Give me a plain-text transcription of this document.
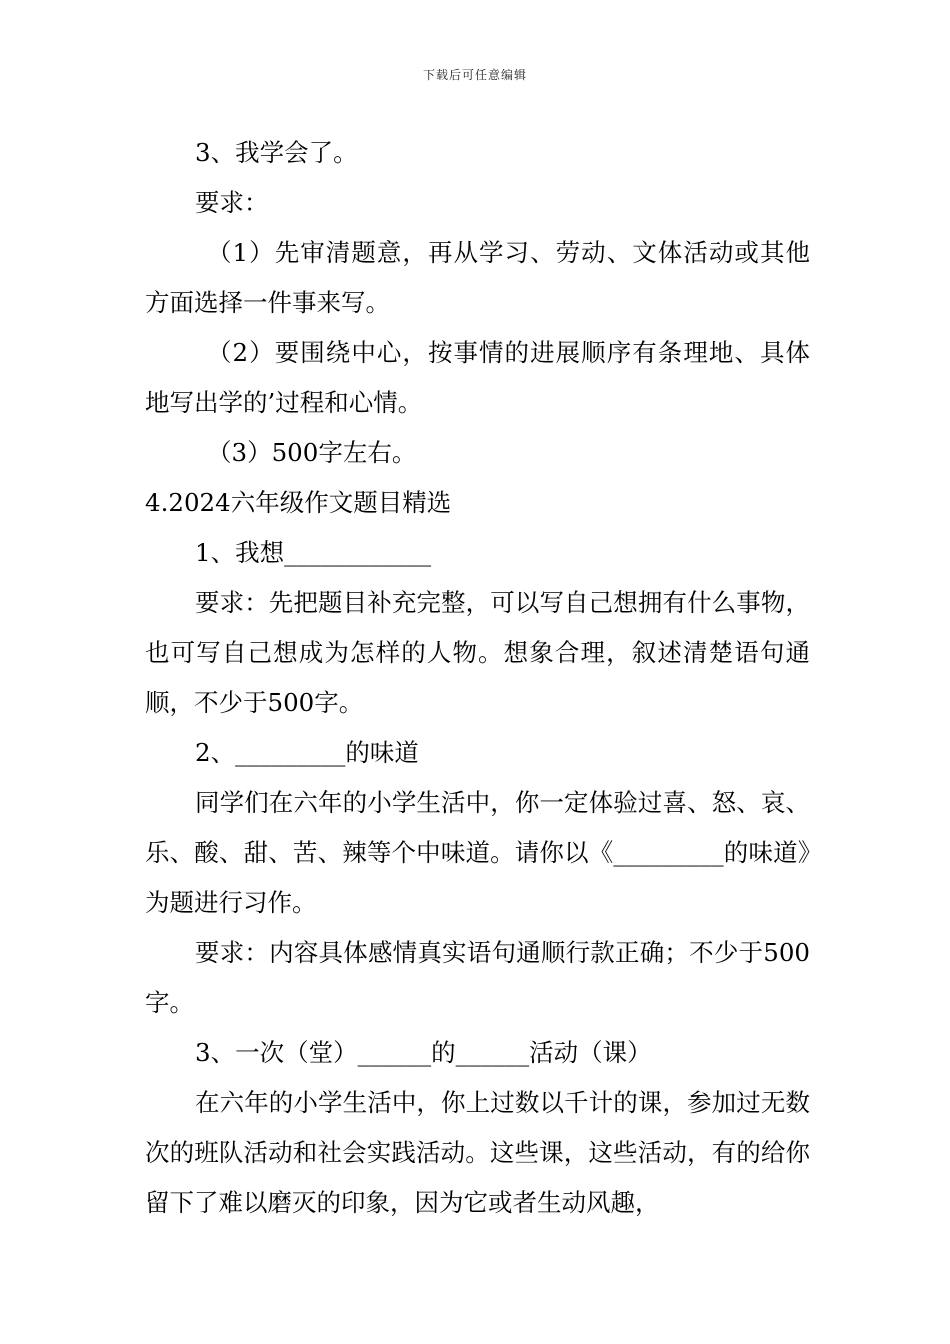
下载后可任意编辑

3、我学会了。

要求：

（1）先审清题意，再从学习、劳动、文体活动或其他方面选择一件事来写。

（2）要围绕中心，按事情的进展顺序有条理地、具体地写出学的’过程和心情。

（3）500字左右。

4.2024六年级作文题目精选

1、我想____________

要求：先把题目补充完整，可以写自己想拥有什么事物，也可写自己想成为怎样的人物。想象合理，叙述清楚语句通顺，不少于500字。

2、_________的味道

同学们在六年的小学生活中，你一定体验过喜、怒、哀、乐、酸、甜、苦、辣等个中味道。请你以《_________的味道》为题进行习作。

要求：内容具体感情真实语句通顺行款正确；不少于500字。

3、一次（堂）______的______活动（课）

在六年的小学生活中，你上过数以千计的课，参加过无数次的班队活动和社会实践活动。这些课，这些活动，有的给你留下了难以磨灭的印象，因为它或者生动风趣，
